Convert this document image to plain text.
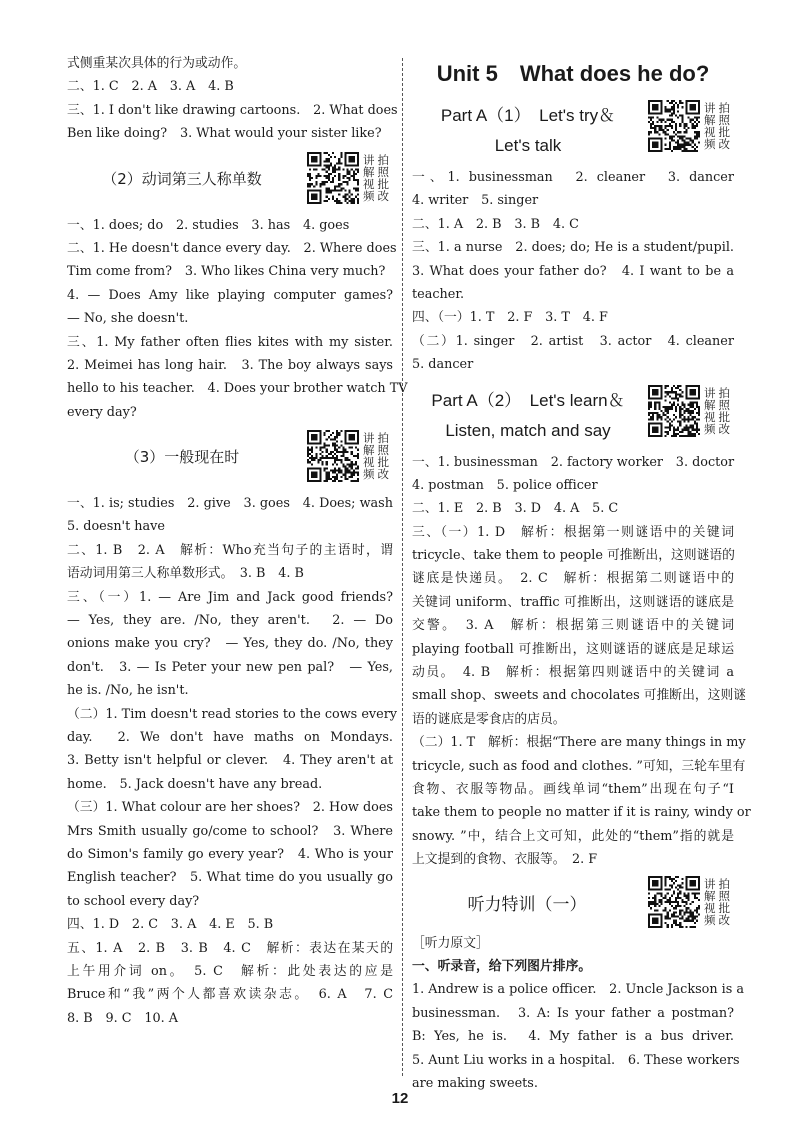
式侧重某次具体的行为或动作。
二、1. C　2. A　3. A　4. B
三、1. I don't like drawing cartoons.　2. What does
Ben like doing?　3. What would your sister like?
（2）动词第三人称单数
讲拍解照视批频改
一、1. does; do　2. studies　3. has　4. goes
二、1. He doesn't dance every day.　2. Where does
Tim come from?　3. Who likes China very much?
4. — Does Amy like playing computer games?
— No, she doesn't.
三、1. My father often flies kites with my sister.
2. Meimei has long hair.　3. The boy always says
hello to his teacher.　4. Does your brother watch TV
every day?
（3）一般现在时
讲拍解照视批频改
一、1. is; studies　2. give　3. goes　4. Does; wash
5. doesn't have
二、1. B　2. A　解析：Who充当句子的主语时，谓
语动词用第三人称单数形式。　3. B　4. B
三、（一）1. — Are Jim and Jack good friends?
— Yes, they are. /No, they aren't.　2. — Do
onions make you cry?　— Yes, they do. /No, they
don't.　3. — Is Peter your new pen pal?　— Yes,
he is. /No, he isn't.
（二）1. Tim doesn't read stories to the cows every
day.　2. We don't have maths on Mondays.
3. Betty isn't helpful or clever.　4. They aren't at
home.　5. Jack doesn't have any bread.
（三）1. What colour are her shoes?　2. How does
Mrs Smith usually go/come to school?　3. Where
do Simon's family go every year?　4. Who is your
English teacher?　5. What time do you usually go
to school every day?
四、1. D　2. C　3. A　4. E　5. B
五、1. A　2. B　3. B　4. C　解析：表达在某天的
上午用介词 on。　5. C　解析：此处表达的应是
Bruce和“我”两个人都喜欢读杂志。　6. A　7. C
8. B　9. C　10. A
Unit 5　What does he do?
Part A（1）　Let's try＆
Let's talk
讲拍解照视批频改
一、1. businessman　2. cleaner　3. dancer
4. writer　5. singer
二、1. A　2. B　3. B　4. C
三、1. a nurse　2. does; do; He is a student/pupil.
3. What does your father do?　4. I want to be a
teacher.
四、（一）1. T　2. F　3. T　4. F
（二）1. singer　2. artist　3. actor　4. cleaner
5. dancer
Part A（2）　Let's learn＆
Listen, match and say
讲拍解照视批频改
一、1. businessman　2. factory worker　3. doctor
4. postman　5. police officer
二、1. E　2. B　3. D　4. A　5. C
三、（一）1. D　解析：根据第一则谜语中的关键词
tricycle、take them to people 可推断出，这则谜语的
谜底是快递员。　2. C　解析：根据第二则谜语中的
关键词 uniform、traffic 可推断出，这则谜语的谜底是
交警。　3. A　解析：根据第三则谜语中的关键词
playing football 可推断出，这则谜语的谜底是足球运
动员。　4. B　解析：根据第四则谜语中的关键词 a
small shop、sweets and chocolates 可推断出，这则谜
语的谜底是零食店的店员。
（二）1. T　解析：根据“There are many things in my
tricycle, such as food and clothes. ”可知，三轮车里有
食物、衣服等物品。画线单词“them”出现在句子“I
take them to people no matter if it is rainy, windy or
snowy. ”中，结合上文可知，此处的“them”指的就是
上文提到的食物、衣服等。　2. F
听力特训（一）
讲拍解照视批频改
［听力原文］
一、听录音，给下列图片排序。
1. Andrew is a police officer.　2. Uncle Jackson is a
businessman.　3. A: Is your father a postman?
B: Yes, he is.　4. My father is a bus driver.
5. Aunt Liu works in a hospital.　6. These workers
are making sweets.
12
